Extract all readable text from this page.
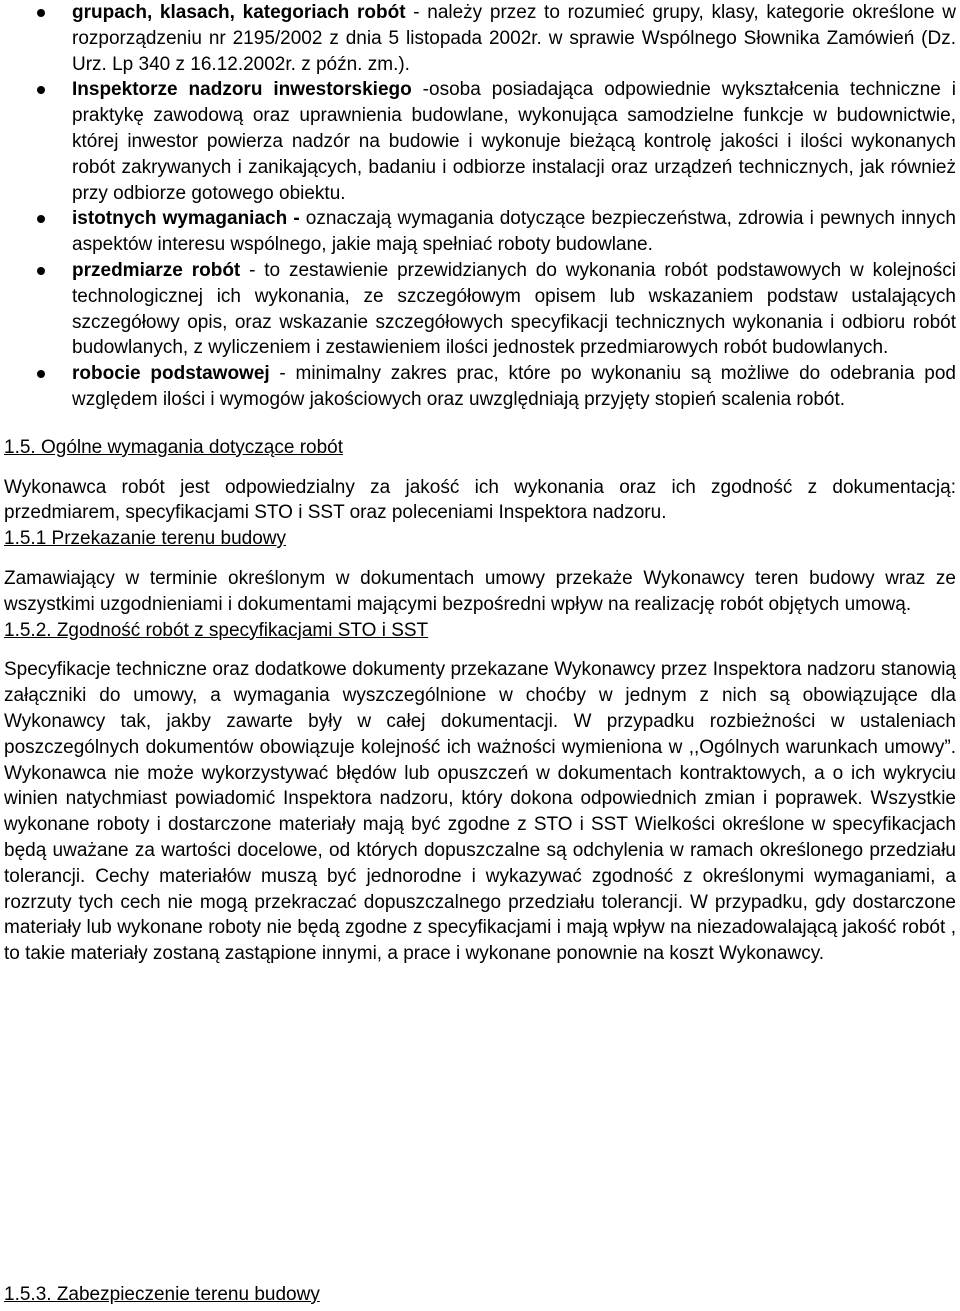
grupach, klasach, kategoriach robót - należy przez to rozumieć grupy, klasy, kategorie określone w rozporządzeniu nr 2195/2002 z dnia 5 listopada 2002r. w sprawie Wspólnego Słownika Zamówień (Dz. Urz. Lp 340 z 16.12.2002r. z późn. zm.).
Inspektorze nadzoru inwestorskiego -osoba posiadająca odpowiednie wykształcenia techniczne i praktykę zawodową oraz uprawnienia budowlane, wykonująca samodzielne funkcje w budownictwie, której inwestor powierza nadzór na budowie i wykonuje bieżącą kontrolę jakości i ilości wykonanych robót zakrywanych i zanikających, badaniu i odbiorze instalacji oraz urządzeń technicznych, jak również przy odbiorze gotowego obiektu.
istotnych wymaganiach - oznaczają wymagania dotyczące bezpieczeństwa, zdrowia i pewnych innych aspektów interesu wspólnego, jakie mają spełniać roboty budowlane.
przedmiarze robót - to zestawienie przewidzianych do wykonania robót podstawowych w kolejności technologicznej ich wykonania, ze szczegółowym opisem lub wskazaniem podstaw ustalających szczegółowy opis, oraz wskazanie szczegółowych specyfikacji technicznych wykonania i odbioru robót budowlanych, z wyliczeniem i zestawieniem ilości jednostek przedmiarowych robót budowlanych.
robocie podstawowej - minimalny zakres prac, które po wykonaniu są możliwe do odebrania pod względem ilości i wymogów jakościowych oraz uwzględniają przyjęty stopień scalenia robót.

1.5. Ogólne wymagania dotyczące robót

Wykonawca robót jest odpowiedzialny za jakość ich wykonania oraz ich zgodność z dokumentacją: przedmiarem, specyfikacjami STO i SST oraz poleceniami Inspektora nadzoru.

1.5.1 Przekazanie terenu budowy

Zamawiający w terminie określonym w dokumentach umowy przekaże Wykonawcy teren budowy wraz ze wszystkimi uzgodnieniami i dokumentami mającymi bezpośredni wpływ na realizację robót objętych umową.

1.5.2. Zgodność robót z specyfikacjami STO i SST

Specyfikacje techniczne oraz dodatkowe dokumenty przekazane Wykonawcy przez Inspektora nadzoru stanowią załączniki do umowy, a wymagania wyszczególnione w choćby w jednym z nich są obowiązujące dla Wykonawcy tak, jakby zawarte były w całej dokumentacji. W przypadku rozbieżności w ustaleniach poszczególnych dokumentów obowiązuje kolejność ich ważności wymieniona w ,,Ogólnych warunkach umowy”. Wykonawca nie może wykorzystywać błędów lub opuszczeń w dokumentach kontraktowych, a o ich wykryciu winien natychmiast powiadomić Inspektora nadzoru, który dokona odpowiednich zmian i poprawek. Wszystkie wykonane roboty i dostarczone materiały mają być zgodne z STO i SST Wielkości określone w specyfikacjach będą uważane za wartości docelowe, od których dopuszczalne są odchylenia w ramach określonego przedziału tolerancji. Cechy materiałów muszą być jednorodne i wykazywać zgodność z określonymi wymaganiami, a rozrzuty tych cech nie mogą przekraczać dopuszczalnego przedziału tolerancji. W przypadku, gdy dostarczone materiały lub wykonane roboty nie będą zgodne z specyfikacjami i mają wpływ na niezadowalającą jakość robót , to takie materiały zostaną zastąpione innymi, a prace i wykonane ponownie na koszt Wykonawcy.

1.5.3. Zabezpieczenie terenu budowy
